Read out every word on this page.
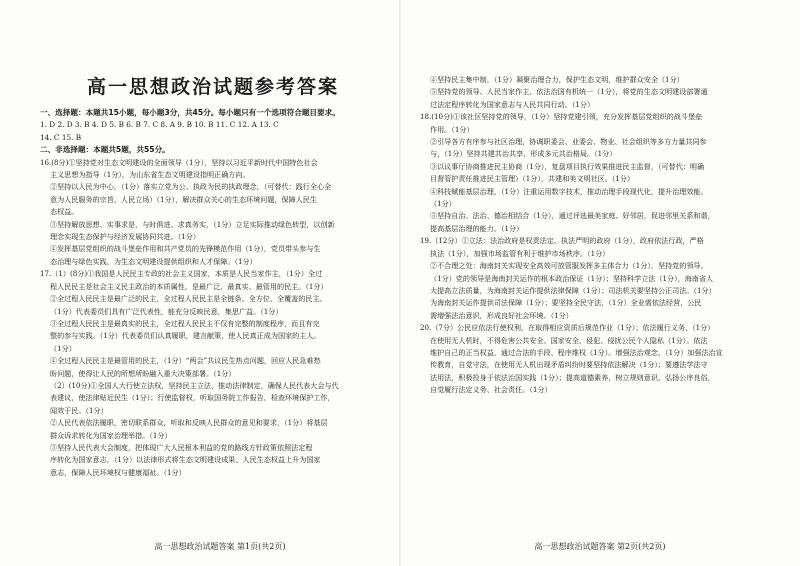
高一思想政治试题参考答案

一、选择题：本题共15小题，每小题3分，共45分。每小题只有一个选项符合题目要求。

1. D 2. D 3. B 4. D 5. B 6. B 7. C 8. A 9. B 10. B 11. C 12. A 13. C

14. C 15. B

二、非选择题：本题共5题，共55分。

16.(8分)①坚持党对生态文明建设的全面领导（1分），坚持以习近平新时代中国特色社会

主义思想为指导（1分），为山东省生态文明建设指明正确方向。

②坚持以人民为中心，（1分）落实立党为公、执政为民的执政理念，（可替代：践行全心全

意为人民服务的宗旨、人民立场）（1分），解决群众关心的生态环境问题，保障人民生

态权益。

③坚持解放思想、实事求是，与时俱进、求真务实，（1分）立足实际推动绿色转型，以创新

理念实现生态保护与经济发展协同共进。（1分）

④发挥基层党组织的战斗堡垒作用和共产党员的先锋模范作用（1分），党员带头参与生

态治理与绿色实践，为生态文明建设提供组织和人才保障。（1分）

17.（1）(8分)①我国是人民民主专政的社会主义国家，本质是人民当家作主，（1分）全过

程人民民主是社会主义民主政治的本质属性，是最广泛、最真实、最管用的民主。（1分）

②全过程人民民主是最广泛的民主，全过程人民民主是全链条、全方位、全覆盖的民主。

（1分）代表委员们具有广泛代表性，能充分反映民意，集思广益。（1分）

③全过程人民民主是最真实的民主，全过程人民民主不仅有完整的制度程序，而且有完

整的参与实践。（1分）代表委员们认真履职，建言献策，使人民真正成为国家的主人。

（1分）

④全过程人民民主是最管用的民主，（1分）“两会”共议民生热点问题，回应人民急难愁

盼问题，使得让人民的所想所盼融入重大决策部署。（1分）

（2）(10分)①全国人大行使立法权，坚持民主立法，推动法律制定，确保人民代表大会与代

表建议，使法律贴近民生（1分）；行使监督权，听取国务院工作报告，检查环境保护工作，

闻效于民。（1分）

②人民代表依法履职，密切联系群众，听取和反映人民群众的意见和要求，（1分）将基层

群众诉求转化为国家治理举措。（1分）

③坚持人民代表大会制度，把体现广大人民根本利益的党的路线方针政策依照法定程

序转化为国家意志，（1分）以法律形式将生态文明建设成果、人民生态权益上升为国家

意志，保障人民环境权与健康福祉。（1分）

高一思想政治试题答案 第1页(共2页)

④坚持民主集中制，（1分）凝聚治理合力，保护生态文明，维护群众安全（1分）

⑤坚持党的领导、人民当家作主、依法治国有机统一（1分），将党的生态文明建设部署通

过法定程序转化为国家意志与人民共同行动。（1分）

18.(10分)①该社区坚持党的领导，（1分）坚持党建引领，充分发挥基层党组织的战斗堡垒

作用。（1分）

②引导各方有序参与社区治理，协调职委会、业委会、物业、社会组织等多方力量共同参

与，（1分）坚持共建共治共享，形成多元共治格局。（1分）

③以议事厅协商推进民主协商（1分），复盘项目执行效果推进民主监督，（可替代：明确

目督管护责任推进民主管理）（1分），共建和美文明社区。（1分）

④科技赋能基层治理，（1分）注重运用数字技术，推动治理手段现代化，提升治理效能。

（1分）

⑤坚持自治、法治、德治相结合（1分），通过评选最美家庭、好邻居，促进邻里关系和谐，

提高基层治理的能力。（1分）

19.（12分）①立法：法治政府是权责法定、执法严明的政府（1分），政府依法行政，严格

执法（1分），加强市场监管有利于维护市场秩序。（1分）

②不合理之处：海南封关实现安全高效可放管服发挥多主体合力（1分），坚持党的领导。

（1分）党的领导是海南封关运作的根本政治保证（1分）；坚持科学立法（1分），海南省人

大提高立法质量，为海南封关运作提供法律保障（1分）；司法机关要坚持公正司法。（1分）

为海南封关运作提供司法保障（1分）；要坚持全民守法，（1分）全业需依法经营，公民

需增强法治意识，形成良好社会环境。（1分）

20.（7分）公民应依法行使权利，在取得相应资质后规范作业（1分）；依法履行义务，（1分）

在使用无人机时，不得危害公共安全、国家安全，侵犯、侵扰公民个人隐私（1分）。依法

维护自己的正当权益，通过合法的手段、程序维权（1分）。增强法治观念，（1分）加强法治宣

传教育，自觉守法，在使用无人机出现矛盾纠纷时要坚持依法解决（1分）；要遵法学法守

法用法，积极投身于依法治国实践（1分）；提高道德素养，树立规则意识，弘扬公序良俗，

自觉履行法定义务、社会责任。（1分）

高一思想政治试题答案 第2页(共2页)
